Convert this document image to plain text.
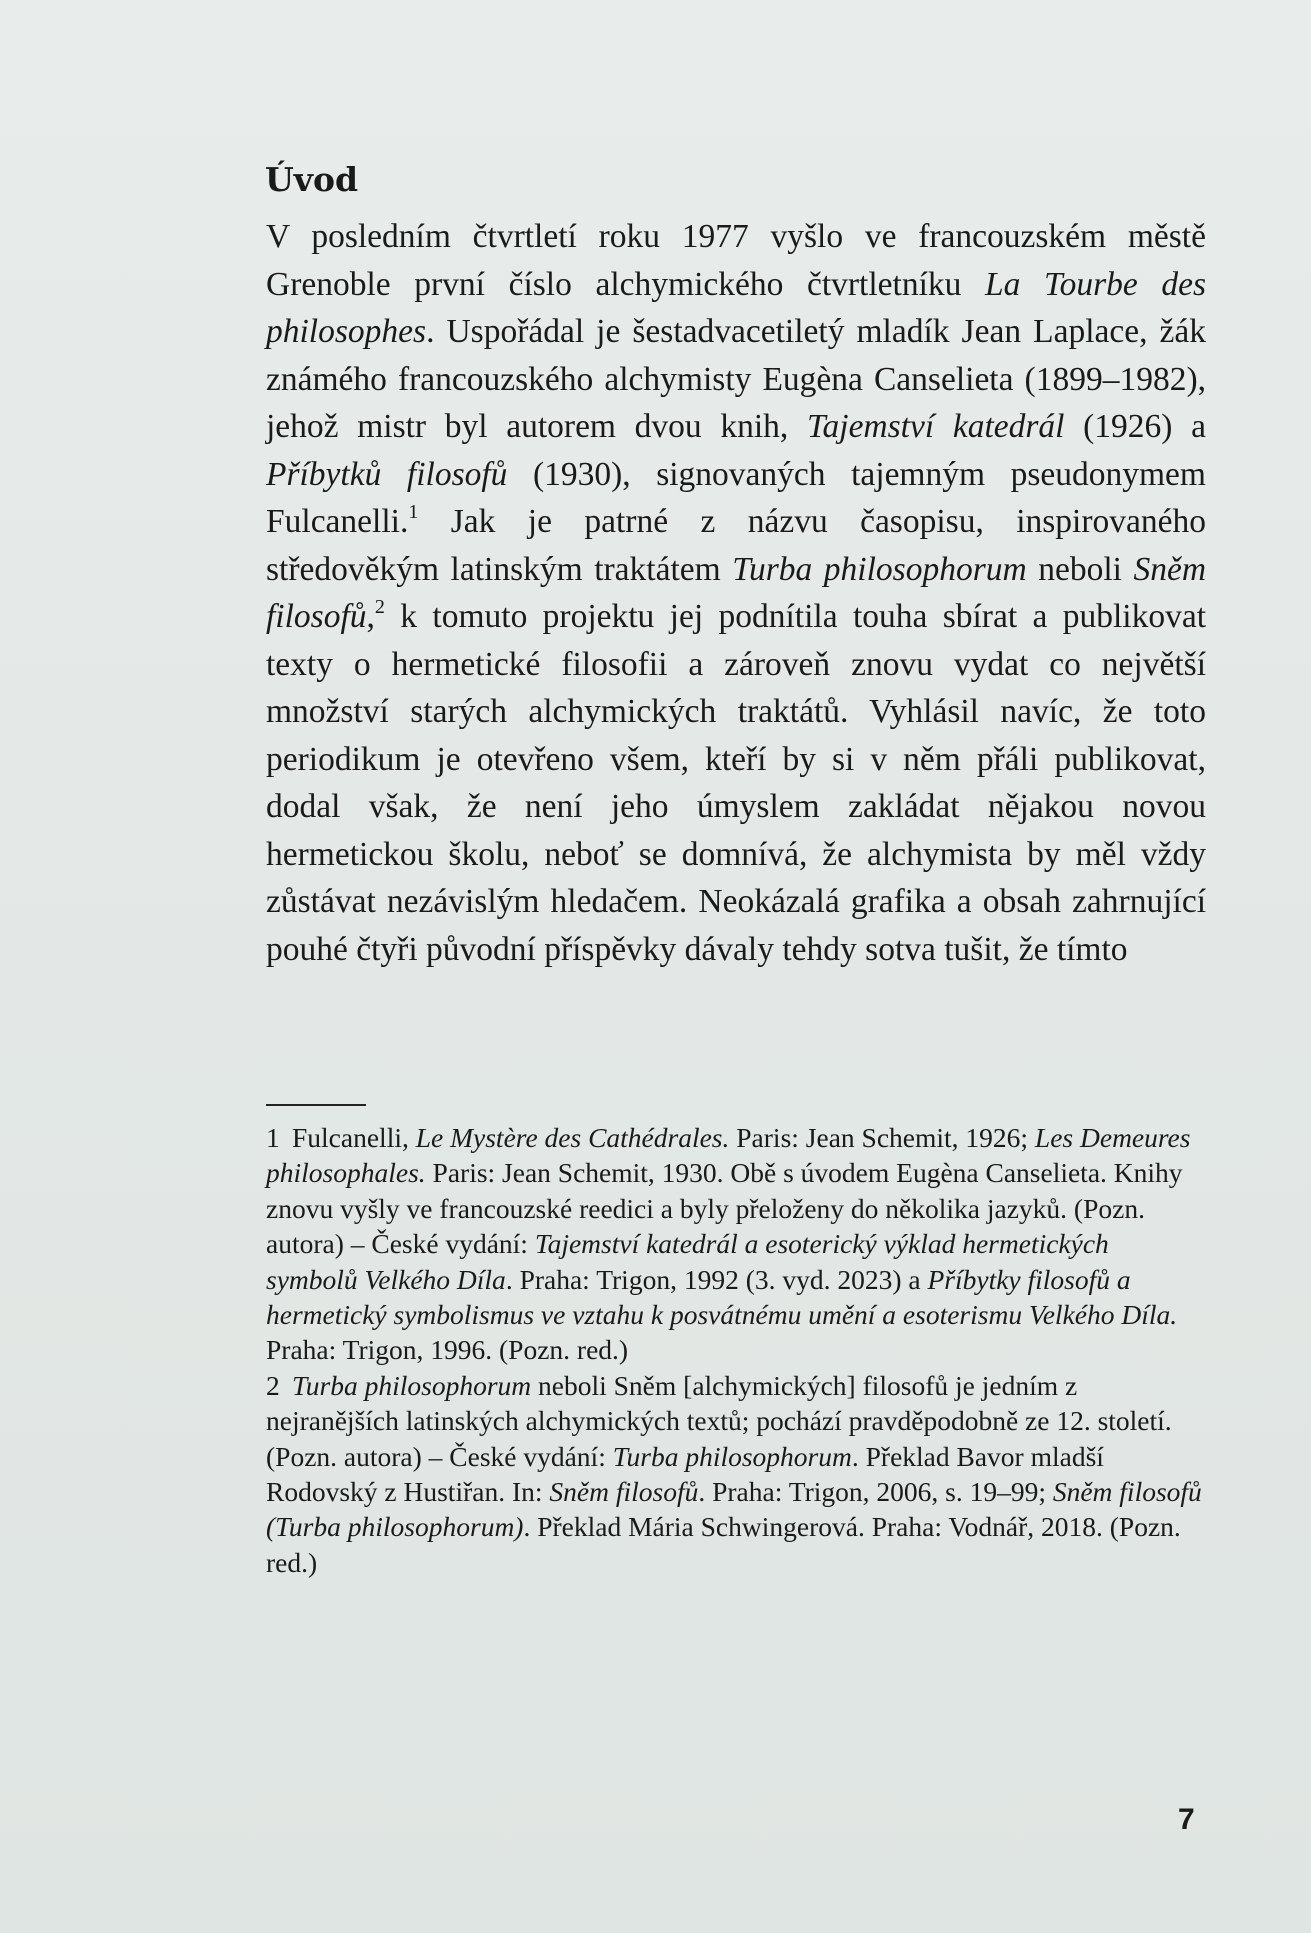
Úvod

V posledním čtvrtletí roku 1977 vyšlo ve francouzském městě Grenoble první číslo alchymického čtvrtletníku La Tourbe des philosophes. Uspořádal je šestadvacetiletý mladík Jean Laplace, žák známého francouzského alchymisty Eugèna Canselieta (1899–1982), jehož mistr byl autorem dvou knih, Tajemství katedrál (1926) a Příbytků filosofů (1930), signovaných tajemným pseudonymem Fulcanelli.$^1$ Jak je patrné z názvu časopisu, inspirovaného středověkým latinským traktátem Turba philosophorum neboli Sněm filosofů,$^2$ k tomuto projektu jej podnítila touha sbírat a publikovat texty o hermetické filosofii a zároveň znovu vydat co největší množství starých alchymických traktátů. Vyhlásil navíc, že toto periodikum je otevřeno všem, kteří by si v něm přáli publikovat, dodal však, že není jeho úmyslem zakládat nějakou novou hermetickou školu, neboť se domnívá, že alchymista by měl vždy zůstávat nezávislým hledačem. Neokázalá grafika a obsah zahrnující pouhé čtyři původní příspěvky dávaly tehdy sotva tušit, že tímto

1 Fulcanelli, Le Mystère des Cathédrales. Paris: Jean Schemit, 1926; Les Demeures philosophales. Paris: Jean Schemit, 1930. Obě s úvodem Eugèna Canselieta. Knihy znovu vyšly ve francouzské reedici a byly přeloženy do několika jazyků. (Pozn. autora) – České vydání: Tajemství katedrál a esoterický výklad hermetických symbolů Velkého Díla. Praha: Trigon, 1992 (3. vyd. 2023) a Příbytky filosofů a hermetický symbolismus ve vztahu k posvátnému umění a esoterismu Velkého Díla. Praha: Trigon, 1996. (Pozn. red.)

2 Turba philosophorum neboli Sněm [alchymických] filosofů je jedním z nejranějších latinských alchymických textů; pochází pravděpodobně ze 12. století. (Pozn. autora) – České vydání: Turba philosophorum. Překlad Bavor mladší Rodovský z Hustiřan. In: Sněm filosofů. Praha: Trigon, 2006, s. 19–99; Sněm filosofů (Turba philosophorum). Překlad Mária Schwingerová. Praha: Vodnář, 2018. (Pozn. red.)

7
